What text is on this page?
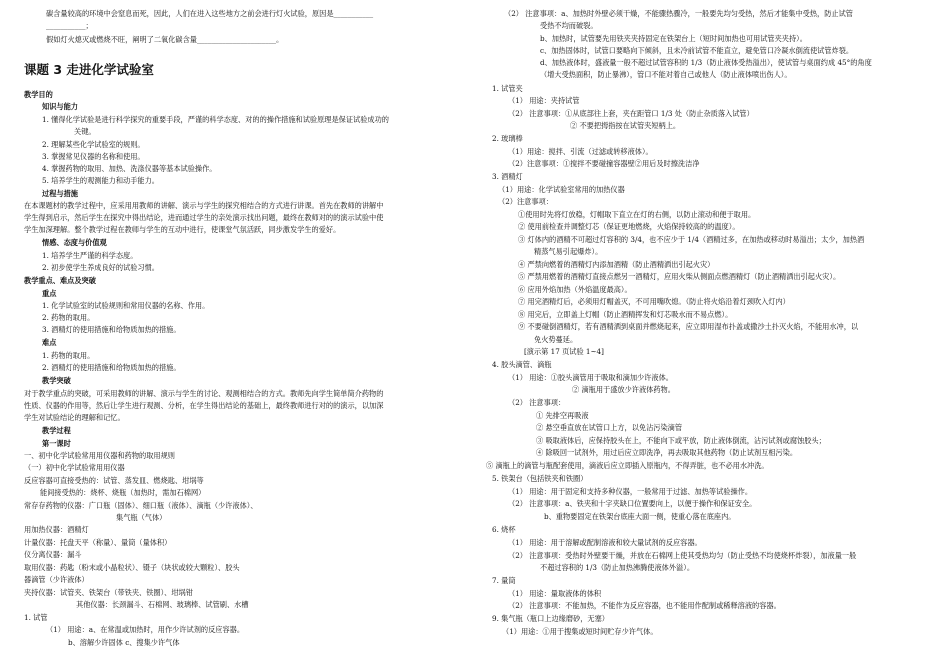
碳含量较高的环境中会窒息而死，因此，人们在进入这些地方之前会进行灯火试验，原因是___________
___________；
假如灯火熄灭或燃烧不旺，阐明了二氧化碳含量______________________。
课题 3 走进化学试验室
教学目的
知识与能力
1. 懂得化学试验是进行科学探究的重要手段，严谨的科学态度、对的的操作措施和试验原理是保证试验成功的
关键。
2. 理解某些化学试验室的规则。
3. 掌握常见仪器的名称和使用。
4. 掌握药物的取用、加热、洗涤仪器等基本试验操作。
5. 培养学生的观测能力和动手能力。
过程与措施
在本课题材的教学过程中，应采用用教师的讲解、演示与学生的探究相结合的方式进行讲课。首先在教师的讲解中
学生得到启示，然后学生在探究中得出结论，进而通过学生的亲处演示找出问题，最终在教师对的的演示试验中使
学生加深理解。整个教学过程在教师与学生的互动中进行，使课堂气氛活跃，同步激发学生的爱好。
情感、态度与价值观
1. 培养学生严谨的科学态度。
2. 初步使学生养成良好的试验习惯。
教学重点、难点及突破
重点
1. 化学试验室的试验规则和常用仪器的名称、作用。
2. 药物的取用。
3. 酒精灯的使用措施和给物质加热的措施。
难点
1. 药物的取用。
2. 酒精灯的使用措施和给物质加热的措施。
教学突破
对于教学重点的突破，可采用教师的讲解、演示与学生的讨论、观测相结合的方式。教师先向学生简单简介药物的
性质、仪器的作用等，然后让学生进行观测、分析，在学生得出结论的基础上，最终教师进行对的的演示，以加深
学生对试验结论的理解和记忆。
教学过程
第一课时
一、初中化学试验常用用仪器和药物的取用规则
（一）初中化学试验常用用仪器
反应容器可直接受热的：试管、蒸发皿、燃烧匙、坩埚等
能间接受热的：烧杯、烧瓶（加热时，需加石棉网）
常存存药物的仪器：广口瓶（固体）、细口瓶（液体）、滴瓶（少许液体）、
集气瓶（气体）
用加热仪器：酒精灯
计量仪器：托盘天平（称量）、量筒（量体积）
仪分离仪器：漏斗
取用仪器：药匙（粉末或小晶粒状）、镊子（块状或较大颗粒）、胶头
器滴管（少许液体）
夹持仪器：试管夹、铁架台（带铁夹、铁圈）、坩埚钳
其他仪器：长颈漏斗、石棉网、玻璃棒、试管刷、水槽
1. 试管
（1） 用途：a、在常温或加热时，用作少许试剂的反应容器。
b、溶解少许固体 c、搜集少许气体
（2） 注意事项：a、加热时外壁必须干燥，不能骤热骤冷，一般要先均匀受热，然后才能集中受热，防止试管
受热不均而破裂。
b、加热时，试管要先用铁夹夹持固定在铁架台上（短时间加热也可用试管夹夹持）。
c、加热固体时，试管口要略向下倾斜，且未冷前试管不能直立，避免管口冷凝水倒流使试管炸裂。
d、加热液体时，盛液量一般不超过试管容积的 1/3（防止液体受热溢出），使试管与桌面约成 45°的角度
（增大受热面积，防止暴沸），管口不能对着自己或他人（防止液体喷出伤人）。
1. 试管夹
（1） 用途：夹持试管
（2） 注意事项：①从底部往上套，夹在距管口 1/3 处（防止杂质落入试管）
② 不要把拇指按在试管夹短柄上。
2. 玻璃棒
（1）用途：搅拌、引流（过滤或转移液体）。
（2）注意事项：①搅拌不要碰撞容器壁②用后及时擦洗洁净
3. 酒精灯
（1）用途：化学试验室常用的加热仪器
（2）注意事项：
①使用时先将灯放稳，灯帽取下直立在灯的右侧，以防止滚动和便于取用。
② 使用前检查并调整灯芯（保证更地燃烧，火焰保持较高的的温度）。
③ 灯体内的酒精不可超过灯容积的 3/4，也不应少于 1/4（酒精过多，在加热或移动时易溢出；太少，加热酒
精蒸气易引起爆炸）。
④ 严禁向燃着的酒精灯内添加酒精（防止酒精洒出引起火灾）
⑤ 严禁用燃着的酒精灯直接点燃另一酒精灯，应用火柴从侧面点燃酒精灯（防止酒精洒出引起火灾）。
⑥ 应用外焰加热（外焰温度最高）。
⑦ 用完酒精灯后，必须用灯帽盖灭，不可用嘴吹熄。（防止将火焰沿着灯颈吹入灯内）
⑧ 用完后，立即盖上灯帽（防止酒精挥发和灯芯吸水而不易点燃）。
⑨ 不要碰倒酒精灯，若有酒精洒到桌面并燃烧起来，应立即用湿布扑盖或撒沙土扑灭火焰，不能用水冲，以
免火势蔓延。
[演示第 17 页试验 1~4]
4. 胶头滴管、滴瓶
（1） 用途：①胶头滴管用于吸取和滴加少许液体。
② 滴瓶用于盛放少许液体药物。
（2） 注意事项：
① 先排空再吸液
② 悬空垂直放在试管口上方，以免沾污染滴管
③ 吸取液体后，应保持胶头在上，不能向下或平放，防止液体倒流，沾污试剂或腐蚀胶头；
④ 除吸回一试剂外，用过后应立即洗净，再去吸取其他药物（防止试剂互相污染。
⑤ 滴瓶上的滴管与瓶配套使用，滴液后应立即插入原瓶内，不得弄脏，也不必用水冲洗。
5. 铁架台（包括铁夹和铁圈）
（1） 用途：用于固定和支持多种仪器，一般常用于过滤、加热等试验操作。
（2） 注意事项：a、铁夹和十字夹缺口位置要向上，以便于操作和保证安全。
b、重物要固定在铁架台底座大面一侧，使重心落在底座内。
6. 烧杯
（1） 用途：用于溶解或配制溶液和较大量试剂的反应容器。
（2） 注意事项：受热时外壁要干燥，并放在石棉网上使其受热均匀（防止受热不均使烧杯炸裂），加液量一般
不超过容积的 1/3（防止加热沸腾使液体外溢）。
7. 量筒
（1） 用途：量取液体的体积
（2） 注意事项：不能加热，不能作为反应容器，也不能用作配制或稀释溶液的容器。
9. 集气瓶（瓶口上边缘磨砂，无塞）
（1）用途：①用于搜集或短时间贮存少许气体。
